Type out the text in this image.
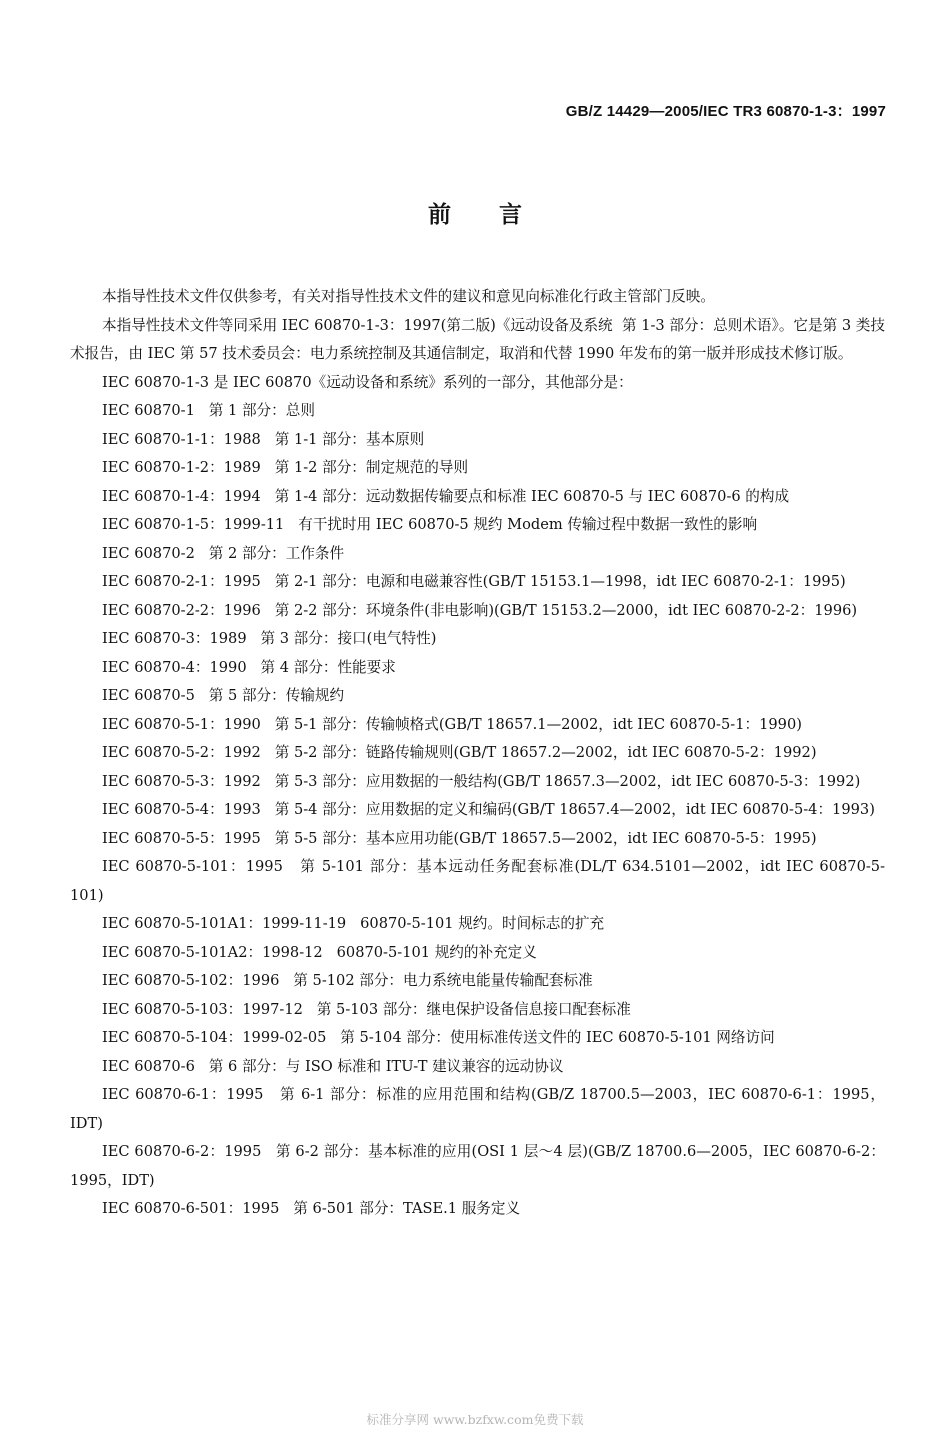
GB/Z 14429—2005/IEC TR3 60870-1-3：1997
前言

本指导性技术文件仅供参考，有关对指导性技术文件的建议和意见向标准化行政主管部门反映。

本指导性技术文件等同采用 IEC 60870-1-3：1997(第二版)《远动设备及系统  第 1-3 部分：总则术语》。它是第 3 类技术报告，由 IEC 第 57 技术委员会：电力系统控制及其通信制定，取消和代替 1990 年发布的第一版并形成技术修订版。

IEC 60870-1-3 是 IEC 60870《远动设备和系统》系列的一部分，其他部分是：

IEC 60870-1   第 1 部分：总则

IEC 60870-1-1：1988   第 1-1 部分：基本原则

IEC 60870-1-2：1989   第 1-2 部分：制定规范的导则

IEC 60870-1-4：1994   第 1-4 部分：远动数据传输要点和标准 IEC 60870-5 与 IEC 60870-6 的构成

IEC 60870-1-5：1999-11   有干扰时用 IEC 60870-5 规约 Modem 传输过程中数据一致性的影响

IEC 60870-2   第 2 部分：工作条件

IEC 60870-2-1：1995   第 2-1 部分：电源和电磁兼容性(GB/T 15153.1—1998，idt IEC 60870-2-1：1995)

IEC 60870-2-2：1996   第 2-2 部分：环境条件(非电影响)(GB/T 15153.2—2000，idt IEC 60870-2-2：1996)

IEC 60870-3：1989   第 3 部分：接口(电气特性)

IEC 60870-4：1990   第 4 部分：性能要求

IEC 60870-5   第 5 部分：传输规约

IEC 60870-5-1：1990   第 5-1 部分：传输帧格式(GB/T 18657.1—2002，idt IEC 60870-5-1：1990)

IEC 60870-5-2：1992   第 5-2 部分：链路传输规则(GB/T 18657.2—2002，idt IEC 60870-5-2：1992)

IEC 60870-5-3：1992   第 5-3 部分：应用数据的一般结构(GB/T 18657.3—2002，idt IEC 60870-5-3：1992)

IEC 60870-5-4：1993   第 5-4 部分：应用数据的定义和编码(GB/T 18657.4—2002，idt IEC 60870-5-4：1993)

IEC 60870-5-5：1995   第 5-5 部分：基本应用功能(GB/T 18657.5—2002，idt IEC 60870-5-5：1995)

IEC 60870-5-101：1995   第 5-101 部分：基本远动任务配套标准(DL/T 634.5101—2002，idt IEC 60870-5-101)

IEC 60870-5-101A1：1999-11-19   60870-5-101 规约。时间标志的扩充

IEC 60870-5-101A2：1998-12   60870-5-101 规约的补充定义

IEC 60870-5-102：1996   第 5-102 部分：电力系统电能量传输配套标准

IEC 60870-5-103：1997-12   第 5-103 部分：继电保护设备信息接口配套标准

IEC 60870-5-104：1999-02-05   第 5-104 部分：使用标准传送文件的 IEC 60870-5-101 网络访问

IEC 60870-6   第 6 部分：与 ISO 标准和 ITU-T 建议兼容的远动协议

IEC 60870-6-1：1995   第 6-1 部分：标准的应用范围和结构(GB/Z 18700.5—2003，IEC 60870-6-1：1995，IDT)

IEC 60870-6-2：1995   第 6-2 部分：基本标准的应用(OSI 1 层～4 层)(GB/Z 18700.6—2005，IEC 60870-6-2：1995，IDT)

IEC 60870-6-501：1995   第 6-501 部分：TASE.1 服务定义

标准分享网 www.bzfxw.com免费下载
